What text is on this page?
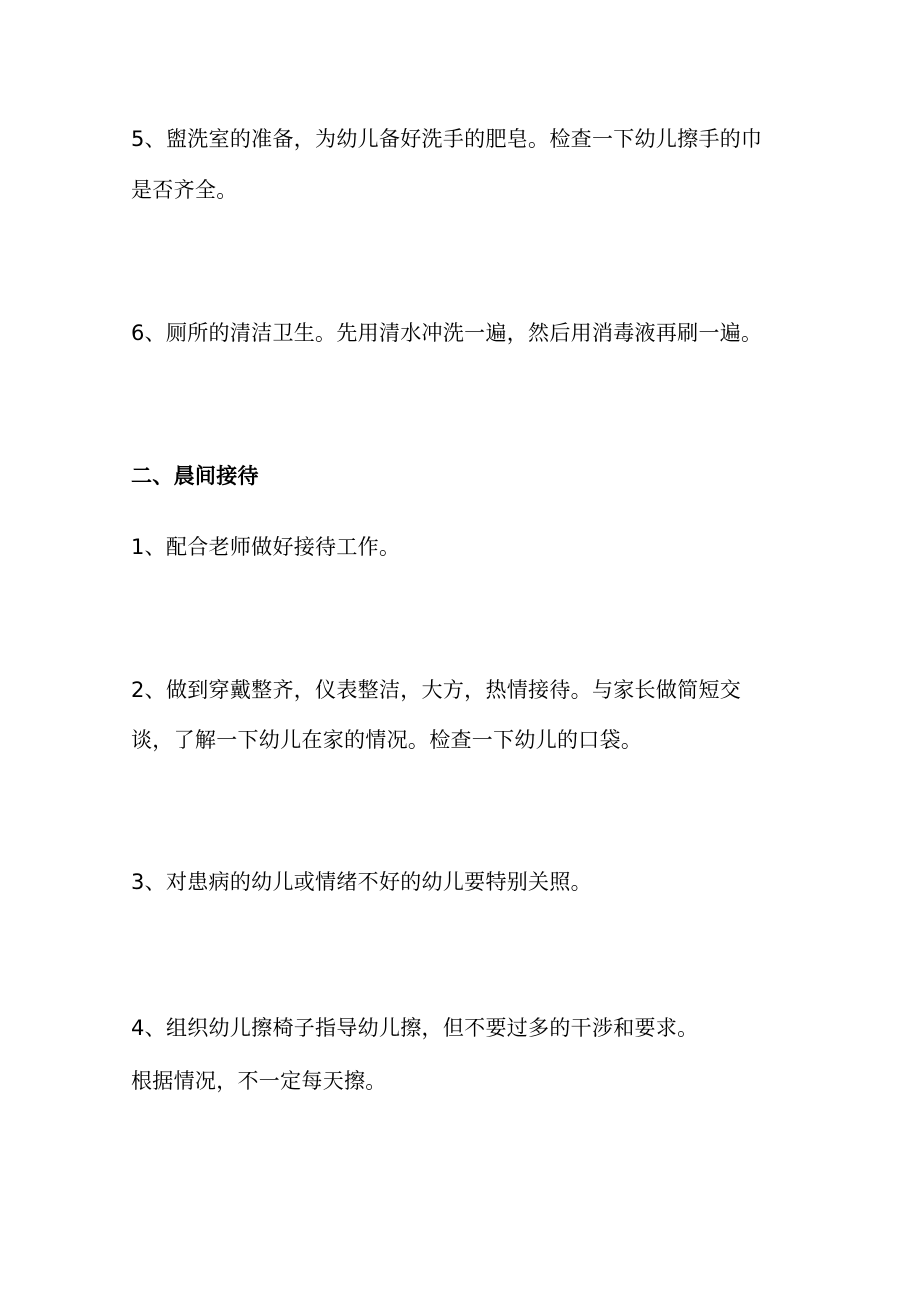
5、盥洗室的准备，为幼儿备好洗手的肥皂。检查一下幼儿擦手的巾
是否齐全。
6、厕所的清洁卫生。先用清水冲洗一遍，然后用消毒液再刷一遍。
二、晨间接待
1、配合老师做好接待工作。
2、做到穿戴整齐，仪表整洁，大方，热情接待。与家长做简短交
谈，了解一下幼儿在家的情况。检查一下幼儿的口袋。
3、对患病的幼儿或情绪不好的幼儿要特别关照。
4、组织幼儿擦椅子指导幼儿擦，但不要过多的干涉和要求。
根据情况，不一定每天擦。
